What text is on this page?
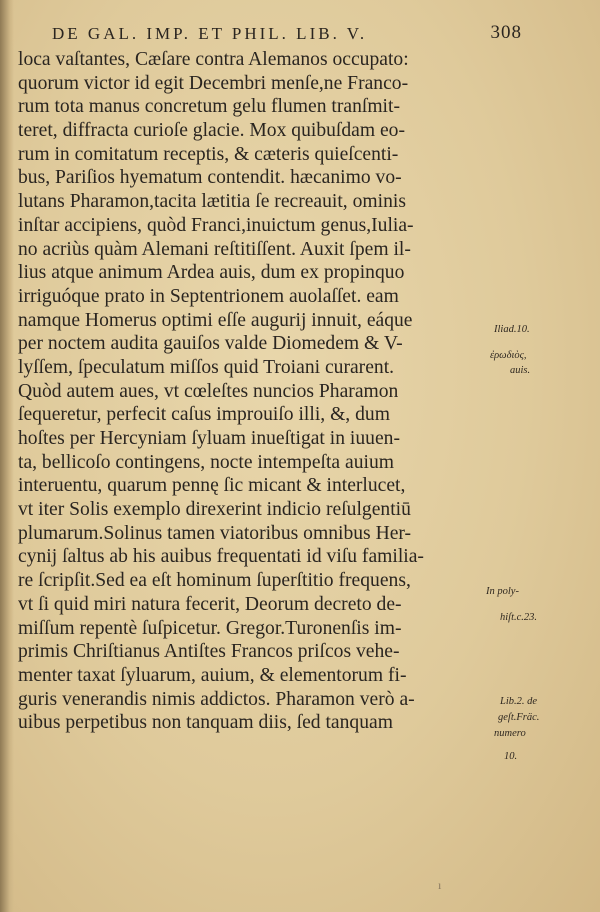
DE GAL. IMP. ET PHIL. LIB. V.	308
loca vaſtantes, Cæſare contra Alemanos occupato:
quorum victor id egit Decembri menſe,ne Franco-
rum tota manus concretum gelu flumen tranſmit-
teret, diffracta curioſe glacie. Mox quibuſdam eo-
rum in comitatum receptis, & cæteris quieſcenti-
bus, Pariſios hyematum contendit. hæcanimo vo-
lutans Pharamon,tacita lætitia ſe recreauit, ominis
inſtar accipiens, quòd Franci,inuictum genus,Iulia-
no acriùs quàm Alemani reſtitiſſent. Auxit ſpem il-
lius atque animum Ardea auis, dum ex propinquo
irriguóque prato in Septentrionem auolaſſet. eam
namque Homerus optimi eſſe augurij innuit, eáque
per noctem audita gauiſos valde Diomedem & V-
lyſſem, ſpeculatum miſſos quid Troiani curarent.
Quòd autem aues, vt cœleſtes nuncios Pharamon
ſequeretur, perfecit caſus improuiſo illi, &, dum
hoſtes per Hercyniam ſyluam inueſtigat in iuuen-
ta, bellicoſo contingens, nocte intempeſta auium
interuentu, quarum pennę ſic micant & interlucet,
vt iter Solis exemplo direxerint indicio reſulgentiū
plumarum.Solinus tamen viatoribus omnibus Her-
cynij ſaltus ab his auibus frequentati id viſu familia-
re ſcripſit.Sed ea eſt hominum ſuperſtitio frequens,
vt ſi quid miri natura fecerit, Deorum decreto de-
miſſum repentè ſuſpicetur. Gregor.Turonenſis im-
primis Chriſtianus Antiſtes Francos priſcos vehe-
menter taxat ſyluarum, auium, & elementorum fi-
guris venerandis nimis addictos. Pharamon verò a-
uibus perpetibus non tanquam diis, ſed tanquam
Iliad.10.
ἐρωδιὸς,
auis.
In poly-
hiſt.c.23.
Lib.2. de
geſt.Fräc.
numero
10.
ı
